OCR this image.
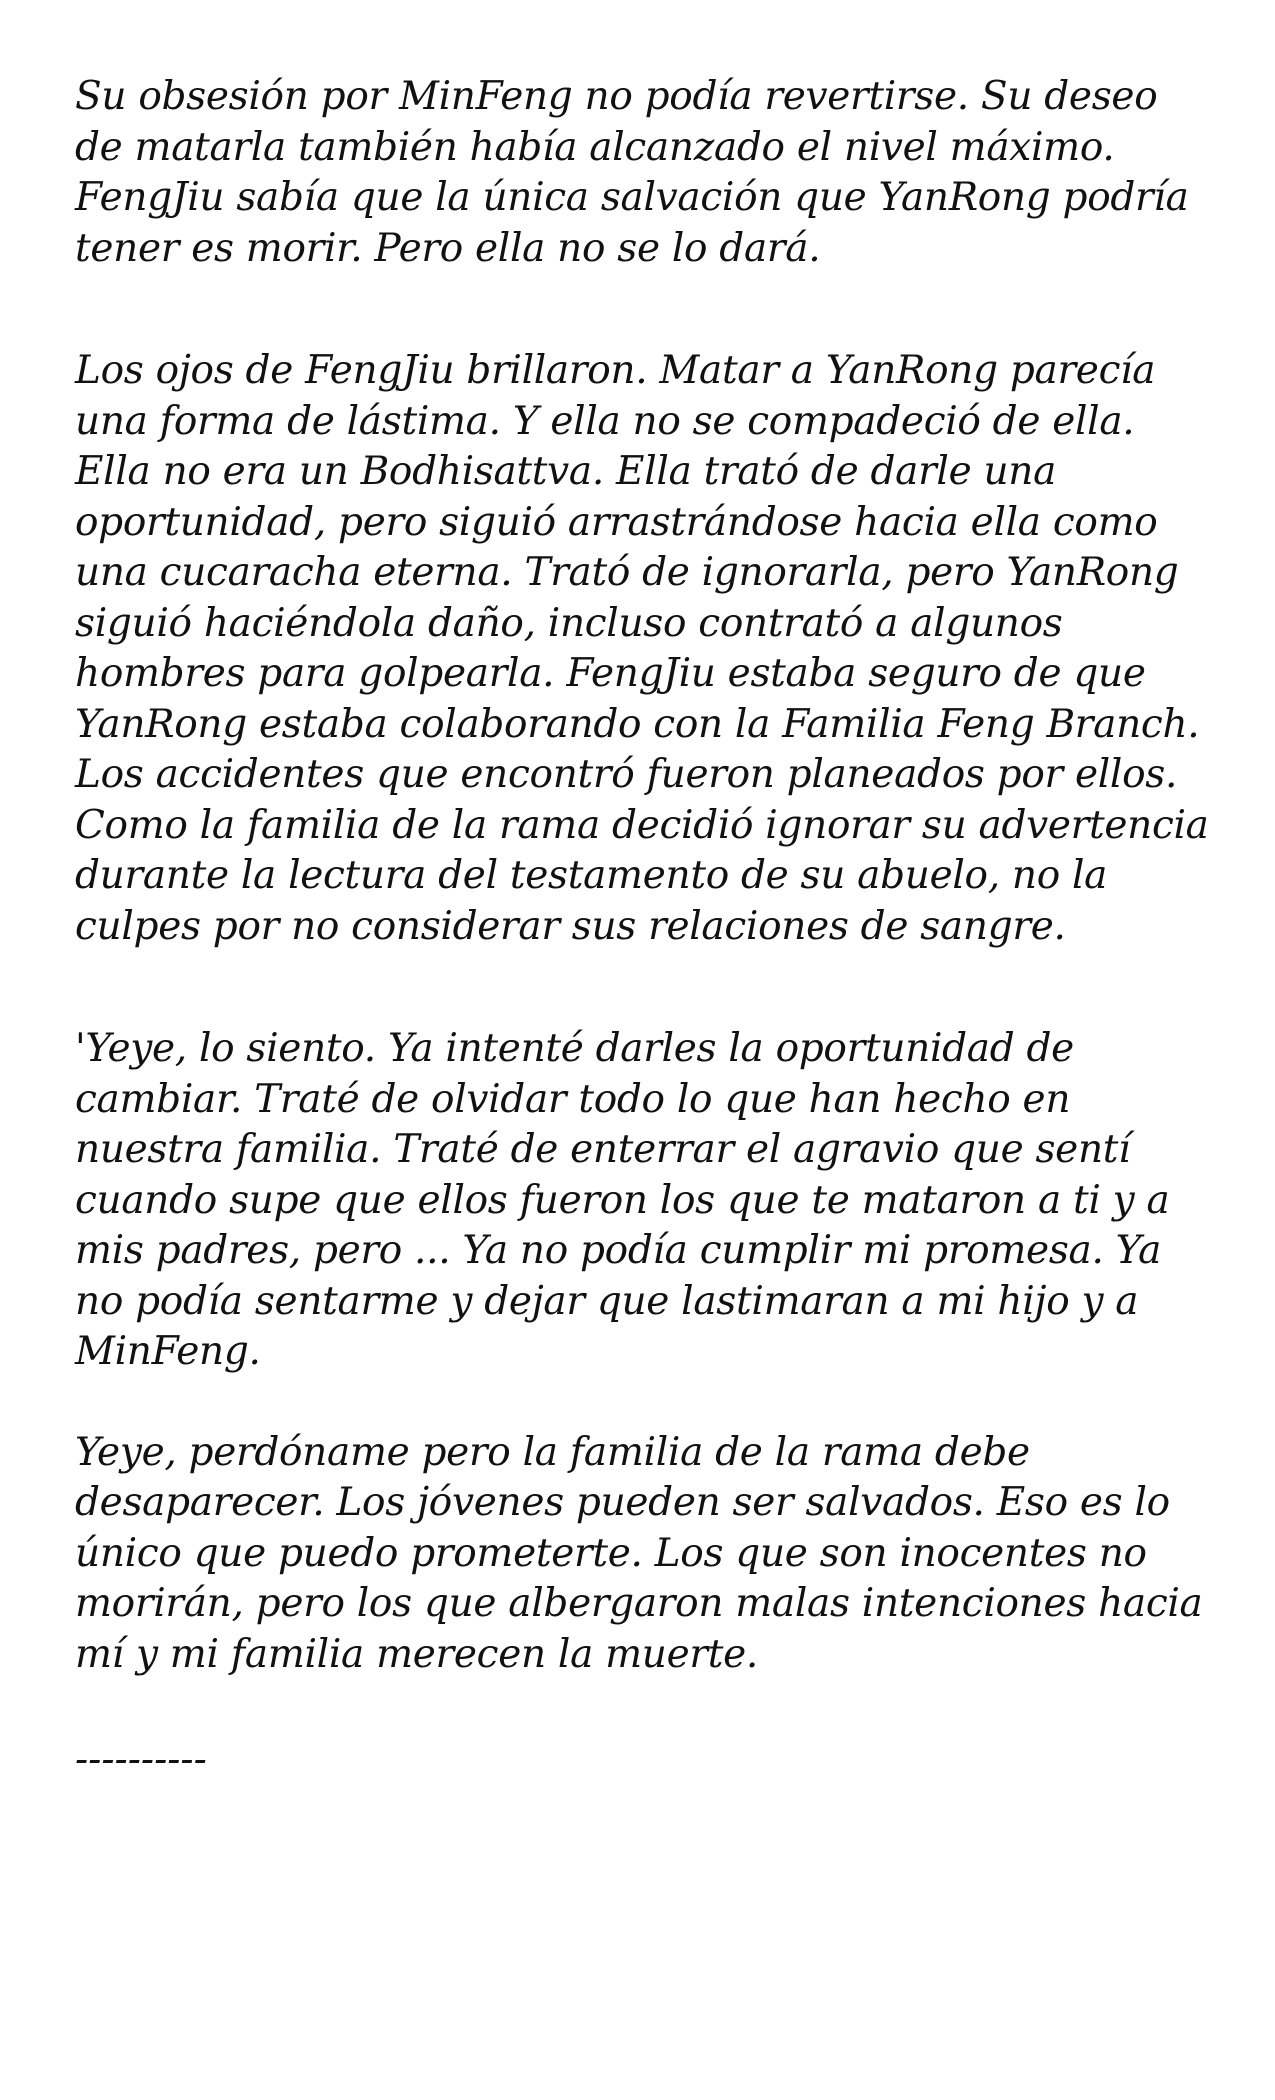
Su obsesión por MinFeng no podía revertirse. Su deseo de matarla también había alcanzado el nivel máximo. FengJiu sabía que la única salvación que YanRong podría tener es morir. Pero ella no se lo dará.

Los ojos de FengJiu brillaron. Matar a YanRong parecía una forma de lástima. Y ella no se compadeció de ella. Ella no era un Bodhisattva. Ella trató de darle una oportunidad, pero siguió arrastrándose hacia ella como una cucaracha eterna. Trató de ignorarla, pero YanRong siguió haciéndola daño, incluso contrató a algunos hombres para golpearla. FengJiu estaba seguro de que YanRong estaba colaborando con la Familia Feng Branch. Los accidentes que encontró fueron planeados por ellos. Como la familia de la rama decidió ignorar su advertencia durante la lectura del testamento de su abuelo, no la culpes por no considerar sus relaciones de sangre.

'Yeye, lo siento. Ya intenté darles la oportunidad de cambiar. Traté de olvidar todo lo que han hecho en nuestra familia. Traté de enterrar el agravio que sentí cuando supe que ellos fueron los que te mataron a ti y a mis padres, pero ... Ya no podía cumplir mi promesa. Ya no podía sentarme y dejar que lastimaran a mi hijo y a MinFeng.

Yeye, perdóname pero la familia de la rama debe desaparecer. Los jóvenes pueden ser salvados. Eso es lo único que puedo prometerte. Los que son inocentes no morirán, pero los que albergaron malas intenciones hacia mí y mi familia merecen la muerte.

----------
